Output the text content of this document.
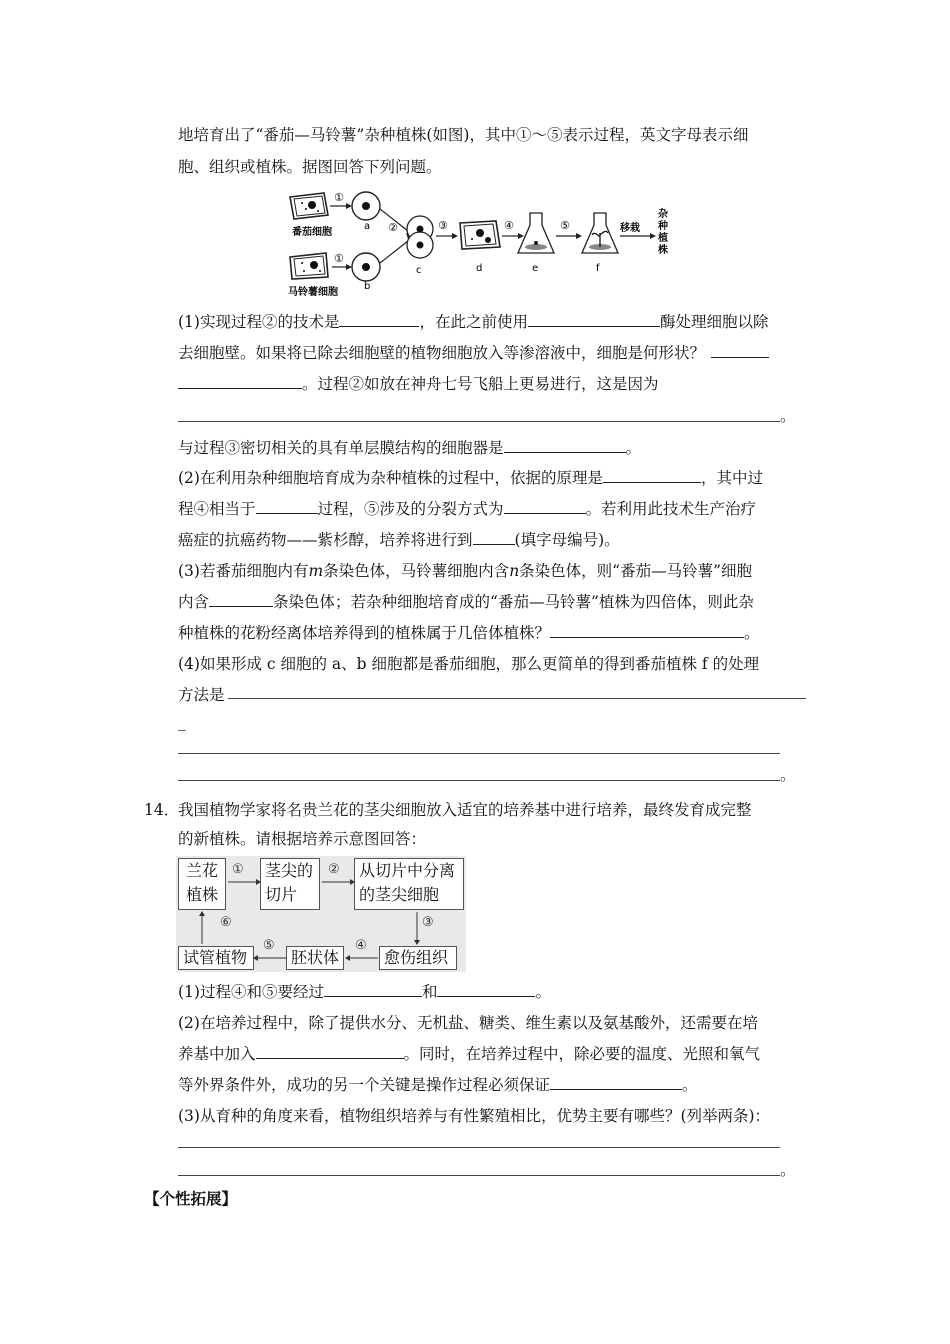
地培育出了“番茄—马铃薯”杂种植株(如图)，其中①～⑤表示过程，英文字母表示细
胞、组织或植株。据图回答下列问题。
番茄细胞
①
a
马铃薯细胞
①
b
②
c
③
d
④
e
⑤
f
移栽
杂
种
植
株
(1)实现过程②的技术是	，在此之前使用	酶处理细胞以除
去细胞壁。如果将已除去细胞壁的植物细胞放入等渗溶液中，细胞是何形状？
。过程②如放在神舟七号飞船上更易进行，这是因为
。
与过程③密切相关的具有单层膜结构的细胞器是	。
(2)在利用杂种细胞培育成为杂种植株的过程中，依据的原理是	，其中过
程④相当于	过程，⑤涉及的分裂方式为	。若利用此技术生产治疗
癌症的抗癌药物——紫杉醇，培养将进行到	(填字母编号)。
(3)若番茄细胞内有m条染色体，马铃薯细胞内含n条染色体，则“番茄—马铃薯”细胞
内含	条染色体；若杂种细胞培育成的“番茄—马铃薯”植株为四倍体，则此杂
种植株的花粉经离体培养得到的植株属于几倍体植株？	。
(4)如果形成 c 细胞的 a、b 细胞都是番茄细胞，那么更简单的得到番茄植株 f 的处理
方法是
_
。
14．
我国植物学家将名贵兰花的茎尖细胞放入适宜的培养基中进行培养，最终发育成完整
的新植株。请根据培养示意图回答：
兰花
植株
茎尖的
切片
从切片中分离
的茎尖细胞
愈伤组织
胚状体
试管植物
①	②
③
④
⑤
⑥
(1)过程④和⑤要经过	和	。
(2)在培养过程中，除了提供水分、无机盐、糖类、维生素以及氨基酸外，还需要在培
养基中加入	。同时，在培养过程中，除必要的温度、光照和氧气
等外界条件外，成功的另一个关键是操作过程必须保证	。
(3)从育种的角度来看，植物组织培养与有性繁殖相比，优势主要有哪些？(列举两条)：
。
【个性拓展】
